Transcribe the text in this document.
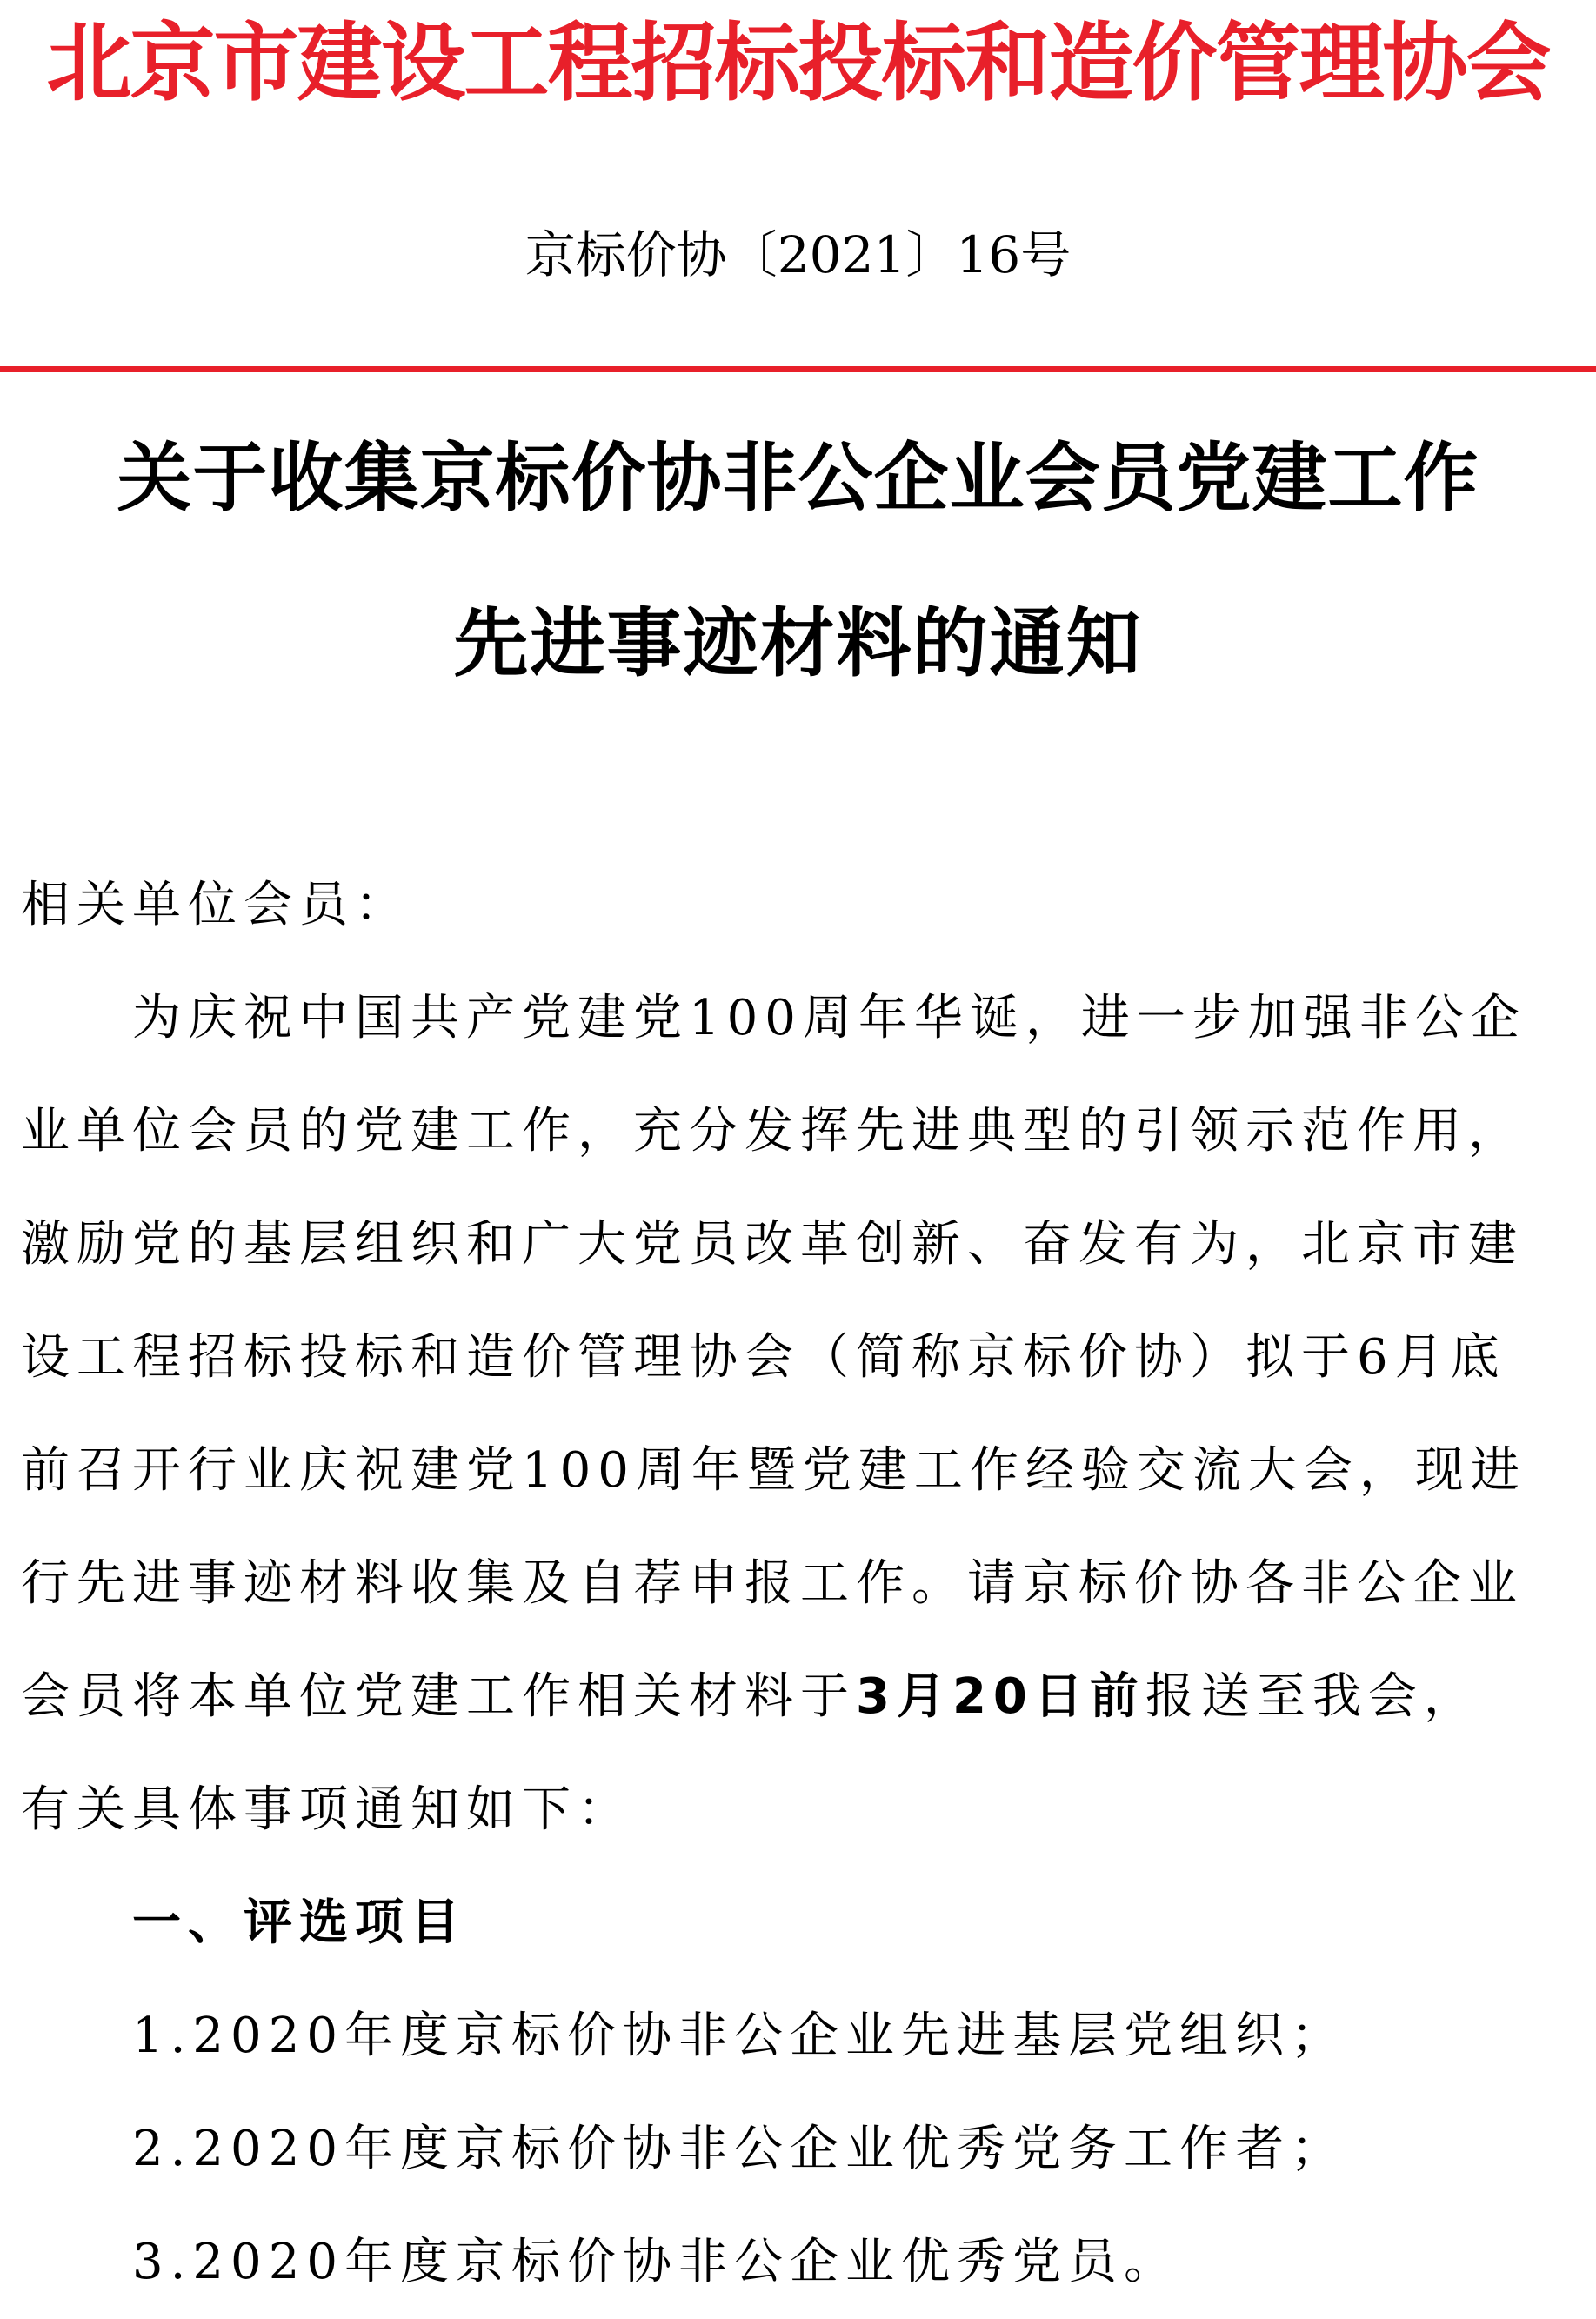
北京市建设工程招标投标和造价管理协会
京标价协〔2021〕16号
关于收集京标价协非公企业会员党建工作
先进事迹材料的通知
相关单位会员：
为庆祝中国共产党建党100周年华诞，进一步加强非公企
业单位会员的党建工作，充分发挥先进典型的引领示范作用，
激励党的基层组织和广大党员改革创新、奋发有为，北京市建
设工程招标投标和造价管理协会（简称京标价协）拟于6月底
前召开行业庆祝建党100周年暨党建工作经验交流大会，现进
行先进事迹材料收集及自荐申报工作。请京标价协各非公企业
会员将本单位党建工作相关材料于3月20日前报送至我会，
有关具体事项通知如下：
一、评选项目
1.2020年度京标价协非公企业先进基层党组织；
2.2020年度京标价协非公企业优秀党务工作者；
3.2020年度京标价协非公企业优秀党员。
